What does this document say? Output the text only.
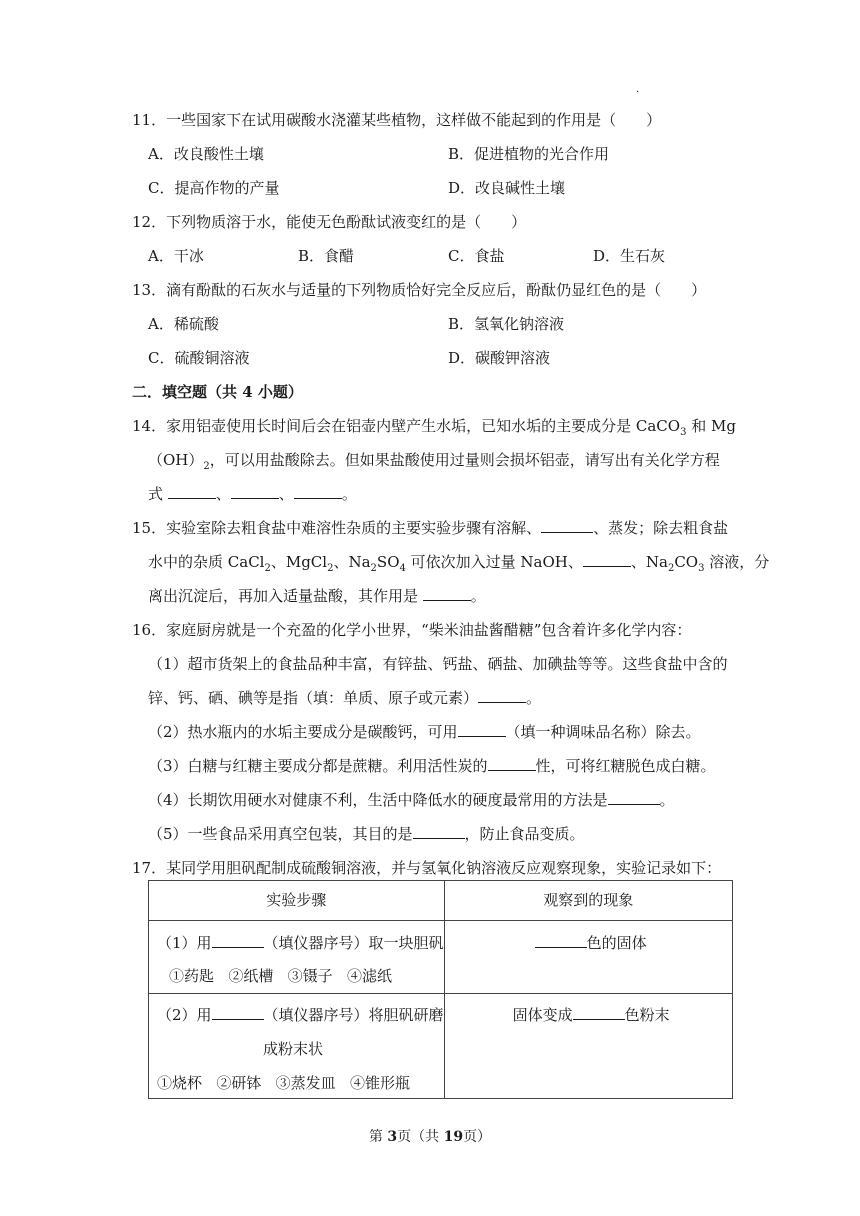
.
11．一些国家下在试用碳酸水浇灌某些植物，这样做不能起到的作用是（　　）
A．改良酸性土壤	B．促进植物的光合作用
C．提高作物的产量	D．改良碱性土壤
12．下列物质溶于水，能使无色酚酞试液变红的是（　　）
A．干冰	B．食醋	C．食盐	D．生石灰
13．滴有酚酞的石灰水与适量的下列物质恰好完全反应后，酚酞仍显红色的是（　　）
A．稀硫酸	B．氢氧化钠溶液
C．硫酸铜溶液	D．碳酸钾溶液
二．填空题（共 4 小题）
14．家用铝壶使用长时间后会在铝壶内壁产生水垢，已知水垢的主要成分是 CaCO$_3$ 和 Mg
$(OH)_2$，可以用盐酸除去。但如果盐酸使用过量则会损坏铝壶，请写出有关化学方程
式	、	、	。
15．实验室除去粗食盐中难溶性杂质的主要实验步骤有溶解、	、蒸发；除去粗食盐
水中的杂质 CaCl$_2$、MgCl$_2$、$Na_2SO_4$ 可依次加入过量 NaOH、	、$Na_2CO_3$ 溶液，分
离出沉淀后，再加入适量盐酸，其作用是	。
16．家庭厨房就是一个充盈的化学小世界，“柴米油盐酱醋糖”包含着许多化学内容：
（1）超市货架上的食盐品种丰富，有锌盐、钙盐、硒盐、加碘盐等等。这些食盐中含的
锌、钙、硒、碘等是指（填：单质、原子或元素）	。
（2）热水瓶内的水垢主要成分是碳酸钙，可用	（填一种调味品名称）除去。
（3）白糖与红糖主要成分都是蔗糖。利用活性炭的	性，可将红糖脱色成白糖。
（4）长期饮用硬水对健康不利，生活中降低水的硬度最常用的方法是	。
（5）一些食品采用真空包装，其目的是	，防止食品变质。
17．某同学用胆矾配制成硫酸铜溶液，并与氢氧化钠溶液反应观察现象，实验记录如下：
实验步骤	观察到的现象

（1）用 （填仪器序号）取一块胆矾
①药匙 ②纸槽 ③镊子 ④滤纸	色的固体

（2）用 （填仪器序号）将胆矾研磨
成粉末状
①烧杯 ②研钵 ③蒸发皿 ④锥形瓶	固体变成 色粉末
第 3页（共 19页）
